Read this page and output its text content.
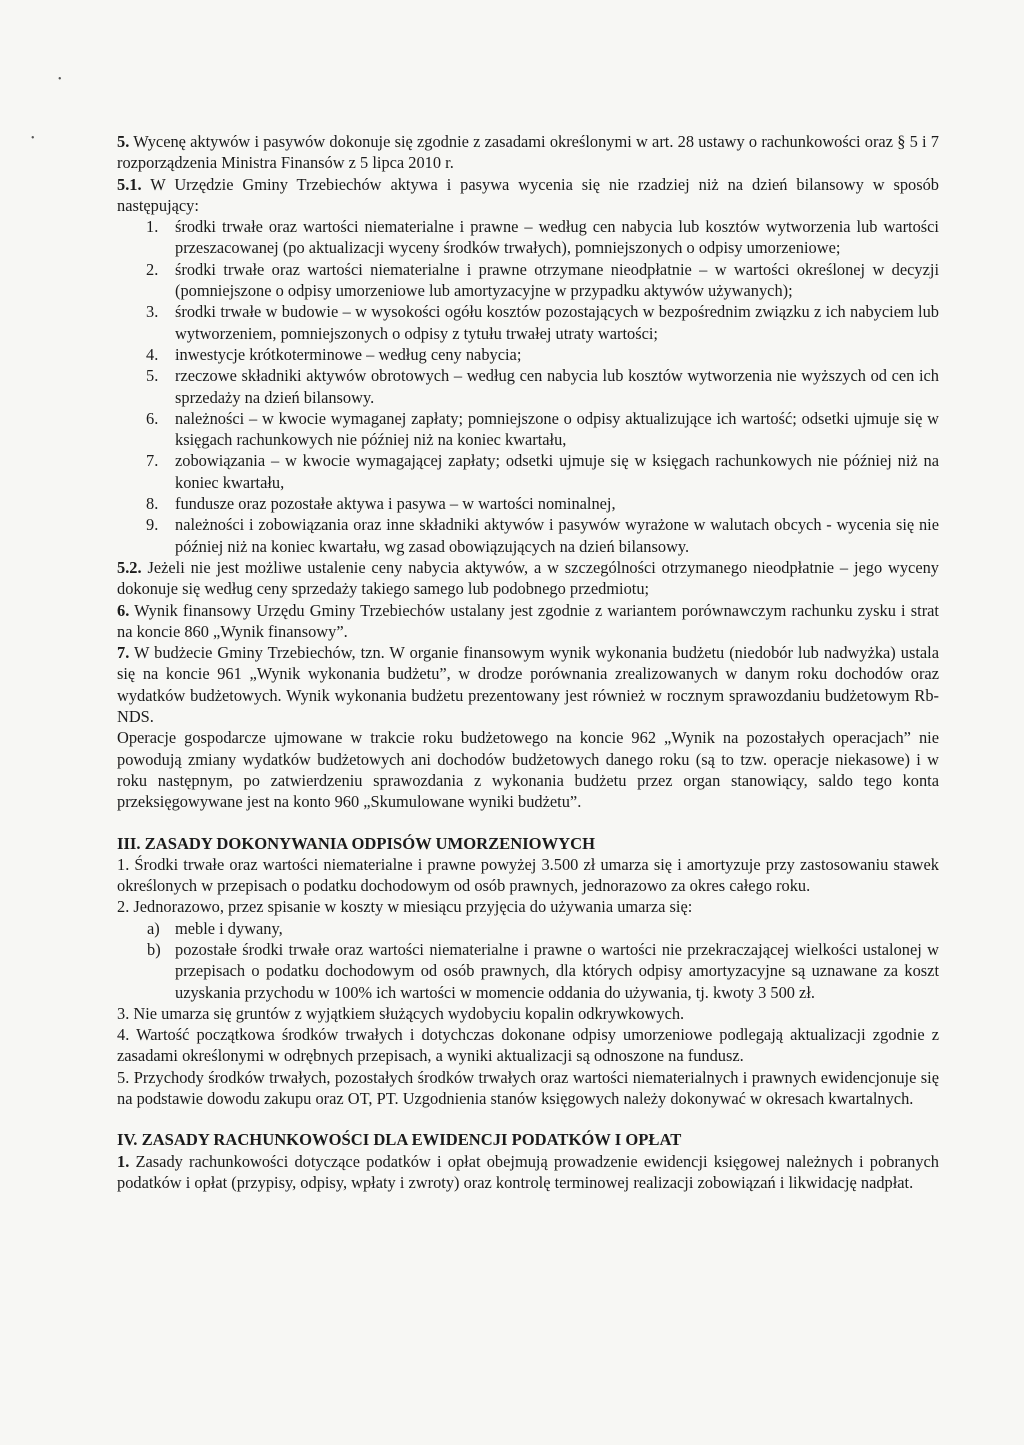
•
•	5. Wycenę aktywów i pasywów dokonuje się zgodnie z zasadami określonymi w art. 28 ustawy o rachunkowości oraz § 5 i 7 rozporządzenia Ministra Finansów z 5 lipca 2010 r.

5.1. W Urzędzie Gminy Trzebiechów aktywa i pasywa wycenia się nie rzadziej niż na dzień bilansowy w sposób następujący:

1. środki trwałe oraz wartości niematerialne i prawne – według cen nabycia lub kosztów wytworzenia lub wartości przeszacowanej (po aktualizacji wyceny środków trwałych), pomniejszonych o odpisy umorzeniowe;
2. środki trwałe oraz wartości niematerialne i prawne otrzymane nieodpłatnie – w wartości określonej w decyzji (pomniejszone o odpisy umorzeniowe lub amortyzacyjne w przypadku aktywów używanych);
3. środki trwałe w budowie – w wysokości ogółu kosztów pozostających w bezpośrednim związku z ich nabyciem lub wytworzeniem, pomniejszonych o odpisy z tytułu trwałej utraty wartości;
4. inwestycje krótkoterminowe – według ceny nabycia;
5. rzeczowe składniki aktywów obrotowych – według cen nabycia lub kosztów wytworzenia nie wyższych od cen ich sprzedaży na dzień bilansowy.
6. należności – w kwocie wymaganej zapłaty; pomniejszone o odpisy aktualizujące ich wartość; odsetki ujmuje się w księgach rachunkowych nie później niż na koniec kwartału,
7. zobowiązania – w kwocie wymagającej zapłaty; odsetki ujmuje się w księgach rachunkowych nie później niż na koniec kwartału,
8. fundusze oraz pozostałe aktywa i pasywa – w wartości nominalnej,
9. należności i zobowiązania oraz inne składniki aktywów i pasywów wyrażone w walutach obcych - wycenia się nie później niż na koniec kwartału, wg zasad obowiązujących na dzień bilansowy.

5.2. Jeżeli nie jest możliwe ustalenie ceny nabycia aktywów, a w szczególności otrzymanego nieodpłatnie – jego wyceny dokonuje się według ceny sprzedaży takiego samego lub podobnego przedmiotu;

6. Wynik finansowy Urzędu Gminy Trzebiechów ustalany jest zgodnie z wariantem porównawczym rachunku zysku i strat na koncie 860 „Wynik finansowy”.

7. W budżecie Gminy Trzebiechów, tzn. W organie finansowym wynik wykonania budżetu (niedobór lub nadwyżka) ustala się na koncie 961 „Wynik wykonania budżetu”, w drodze porównania zrealizowanych w danym roku dochodów oraz wydatków budżetowych. Wynik wykonania budżetu prezentowany jest również w rocznym sprawozdaniu budżetowym Rb-NDS.

Operacje gospodarcze ujmowane w trakcie roku budżetowego na koncie 962 „Wynik na pozostałych operacjach” nie powodują zmiany wydatków budżetowych ani dochodów budżetowych danego roku (są to tzw. operacje niekasowe) i w roku następnym, po zatwierdzeniu sprawozdania z wykonania budżetu przez organ stanowiący, saldo tego konta przeksięgowywane jest na konto 960 „Skumulowane wyniki budżetu”.

III. ZASADY DOKONYWANIA ODPISÓW UMORZENIOWYCH

1. Środki trwałe oraz wartości niematerialne i prawne powyżej 3.500 zł umarza się i amortyzuje przy zastosowaniu stawek określonych w przepisach o podatku dochodowym od osób prawnych, jednorazowo za okres całego roku.

2. Jednorazowo, przez spisanie w koszty w miesiącu przyjęcia do używania umarza się:

a) meble i dywany,
b) pozostałe środki trwałe oraz wartości niematerialne i prawne o wartości nie przekraczającej wielkości ustalonej w przepisach o podatku dochodowym od osób prawnych, dla których odpisy amortyzacyjne są uznawane za koszt uzyskania przychodu w 100% ich wartości w momencie oddania do używania, tj. kwoty 3 500 zł.

3. Nie umarza się gruntów z wyjątkiem służących wydobyciu kopalin odkrywkowych.

4. Wartość początkowa środków trwałych i dotychczas dokonane odpisy umorzeniowe podlegają aktualizacji zgodnie z zasadami określonymi w odrębnych przepisach, a wyniki aktualizacji są odnoszone na fundusz.

5. Przychody środków trwałych, pozostałych środków trwałych oraz wartości niematerialnych i prawnych ewidencjonuje się na podstawie dowodu zakupu oraz OT, PT. Uzgodnienia stanów księgowych należy dokonywać w okresach kwartalnych.

IV. ZASADY RACHUNKOWOŚCI DLA EWIDENCJI PODATKÓW I OPŁAT

1. Zasady rachunkowości dotyczące podatków i opłat obejmują prowadzenie ewidencji księgowej należnych i pobranych podatków i opłat (przypisy, odpisy, wpłaty i zwroty) oraz kontrolę terminowej realizacji zobowiązań i likwidację nadpłat.
